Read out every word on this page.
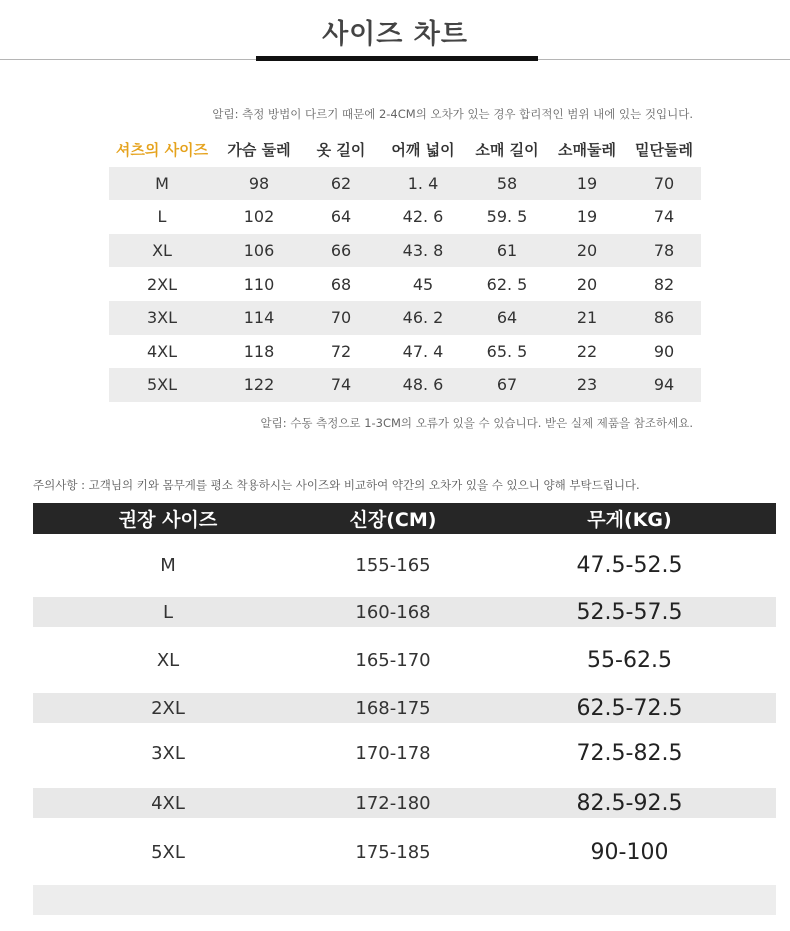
사이즈 차트
알림: 측정 방법이 다르기 때문에 2-4CM의 오차가 있는 경우 합리적인 범위 내에 있는 것입니다.
셔츠의 사이즈	가슴 둘레	옷 길이	어깨 넓이	소매 길이	소매둘레	밑단둘레
M	98	62	1. 4	58	19	70
L	102	64	42. 6	59. 5	19	74
XL	106	66	43. 8	61	20	78
2XL	110	68	45	62. 5	20	82
3XL	114	70	46. 2	64	21	86
4XL	118	72	47. 4	65. 5	22	90
5XL	122	74	48. 6	67	23	94
알림: 수동 측정으로 1-3CM의 오류가 있을 수 있습니다. 받은 실제 제품을 참조하세요.
주의사항 : 고객님의 키와 몸무게를 평소 착용하시는 사이즈와 비교하여 약간의 오차가 있을 수 있으니 양해 부탁드립니다.
권장 사이즈	신장(CM)	무게(KG)
M	155-165	47.5-52.5
L	160-168	52.5-57.5
XL	165-170	55-62.5
2XL	168-175	62.5-72.5
3XL	170-178	72.5-82.5
4XL	172-180	82.5-92.5
5XL	175-185	90-100
